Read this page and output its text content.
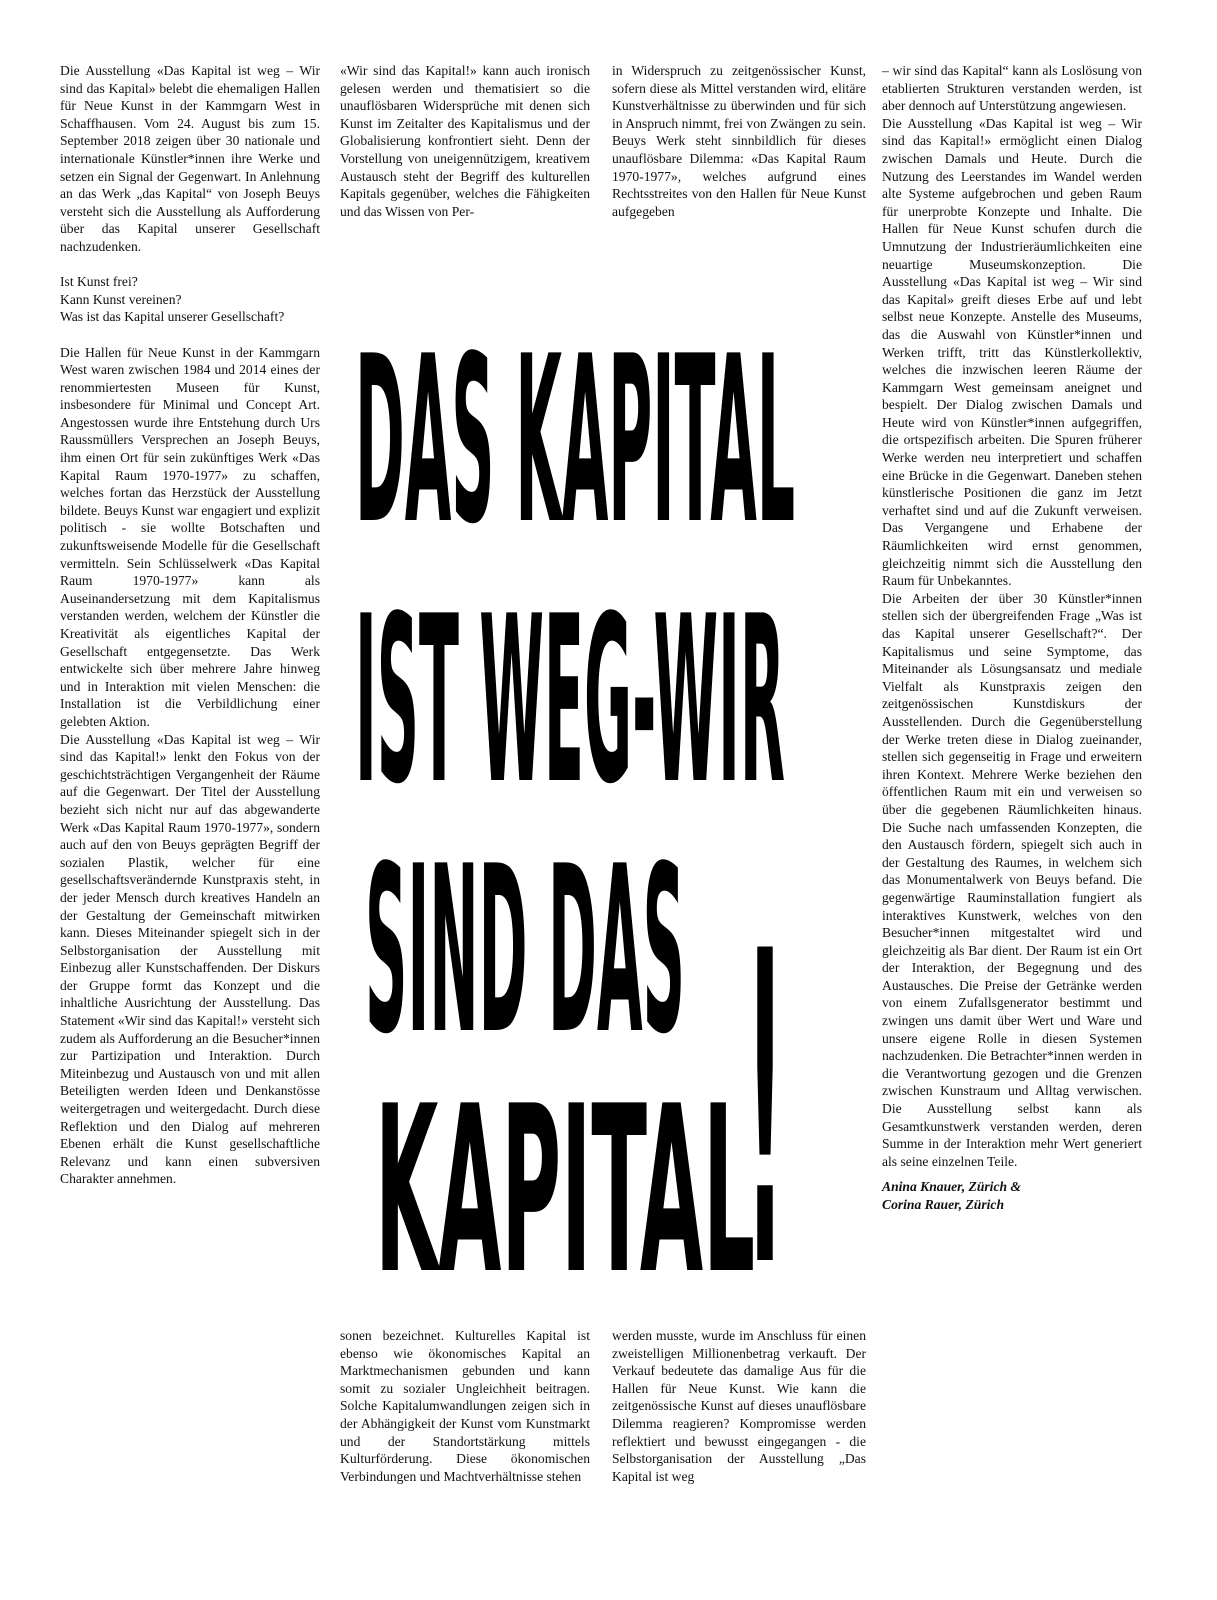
Die Ausstellung «Das Kapital ist weg – Wir sind das Kapital» belebt die ehemaligen Hallen für Neue Kunst in der Kammgarn West in Schaffhausen. Vom 24. August bis zum 15. September 2018 zeigen über 30 nationale und internationale Künstler*innen ihre Werke und setzen ein Signal der Gegenwart. In Anlehnung an das Werk „das Kapital“ von Joseph Beuys versteht sich die Ausstellung als Aufforderung über das Kapital unserer Gesellschaft nachzudenken.

Ist Kunst frei?

Kann Kunst vereinen?

Was ist das Kapital unserer Gesellschaft?

Die Hallen für Neue Kunst in der Kammgarn West waren zwischen 1984 und 2014 eines der renommiertesten Museen für Kunst, insbesondere für Minimal und Concept Art. Angestossen wurde ihre Entstehung durch Urs Raussmüllers Versprechen an Joseph Beuys, ihm einen Ort für sein zukünftiges Werk «Das Kapital Raum 1970-1977» zu schaffen, welches fortan das Herzstück der Ausstellung bildete. Beuys Kunst war engagiert und explizit politisch - sie wollte Botschaften und zukunftsweisende Modelle für die Gesellschaft vermitteln. Sein Schlüsselwerk «Das Kapital Raum 1970-1977» kann als Auseinandersetzung mit dem Kapitalismus verstanden werden, welchem der Künstler die Kreativität als eigentliches Kapital der Gesellschaft entgegensetzte. Das Werk entwickelte sich über mehrere Jahre hinweg und in Interaktion mit vielen Menschen: die Installation ist die Verbildlichung einer gelebten Aktion.

Die Ausstellung «Das Kapital ist weg – Wir sind das Kapital!» lenkt den Fokus von der geschichtsträchtigen Vergangenheit der Räume auf die Gegenwart. Der Titel der Ausstellung bezieht sich nicht nur auf das abgewanderte Werk «Das Kapital Raum 1970-1977», sondern auch auf den von Beuys geprägten Begriff der sozialen Plastik, welcher für eine gesellschaftsverändernde Kunstpraxis steht, in der jeder Mensch durch kreatives Handeln an der Gestaltung der Gemeinschaft mitwirken kann. Dieses Miteinander spiegelt sich in der Selbstorganisation der Ausstellung mit Einbezug aller Kunstschaffenden. Der Diskurs der Gruppe formt das Konzept und die inhaltliche Ausrichtung der Ausstellung. Das Statement «Wir sind das Kapital!» versteht sich zudem als Aufforderung an die Besucher*innen zur Partizipation und Interaktion. Durch Miteinbezug und Austausch von und mit allen Beteiligten werden Ideen und Denkanstösse weitergetragen und weitergedacht. Durch diese Reflektion und den Dialog auf mehreren Ebenen erhält die Kunst gesellschaftliche Relevanz und kann einen subversiven Charakter annehmen.

«Wir sind das Kapital!» kann auch ironisch gelesen werden und thematisiert so die unauflösbaren Widersprüche mit denen sich Kunst im Zeitalter des Kapitalismus und der Globalisierung konfrontiert sieht. Denn der Vorstellung von uneigennützigem, kreativem Austausch steht der Begriff des kulturellen Kapitals gegenüber, welches die Fähigkeiten und das Wissen von Per-

in Widerspruch zu zeitgenössischer Kunst, sofern diese als Mittel verstanden wird, elitäre Kunstverhältnisse zu überwinden und für sich in Anspruch nimmt, frei von Zwängen zu sein. Beuys Werk steht sinnbildlich für dieses unauflösbare Dilemma: «Das Kapital Raum 1970-1977», welches aufgrund eines Rechtsstreites von den Hallen für Neue Kunst aufgegeben

– wir sind das Kapital“ kann als Loslösung von etablierten Strukturen verstanden werden, ist aber dennoch auf Unterstützung angewiesen.

Die Ausstellung «Das Kapital ist weg – Wir sind das Kapital!» ermöglicht einen Dialog zwischen Damals und Heute. Durch die Nutzung des Leerstandes im Wandel werden alte Systeme aufgebrochen und geben Raum für unerprobte Konzepte und Inhalte. Die Hallen für Neue Kunst schufen durch die Umnutzung der Industrieräumlichkeiten eine neuartige Museumskonzeption. Die Ausstellung «Das Kapital ist weg – Wir sind das Kapital» greift dieses Erbe auf und lebt selbst neue Konzepte. Anstelle des Museums, das die Auswahl von Künstler*innen und Werken trifft, tritt das Künstlerkollektiv, welches die inzwischen leeren Räume der Kammgarn West gemeinsam aneignet und bespielt. Der Dialog zwischen Damals und Heute wird von Künstler*innen aufgegriffen, die ortspezifisch arbeiten. Die Spuren früherer Werke werden neu interpretiert und schaffen eine Brücke in die Gegenwart. Daneben stehen künstlerische Positionen die ganz im Jetzt verhaftet sind und auf die Zukunft verweisen. Das Vergangene und Erhabene der Räumlichkeiten wird ernst genommen, gleichzeitig nimmt sich die Ausstellung den Raum für Unbekanntes.

Die Arbeiten der über 30 Künstler*innen stellen sich der übergreifenden Frage „Was ist das Kapital unserer Gesellschaft?“. Der Kapitalismus und seine Symptome, das Miteinander als Lösungsansatz und mediale Vielfalt als Kunstpraxis zeigen den zeitgenössischen Kunstdiskurs der Ausstellenden. Durch die Gegenüberstellung der Werke treten diese in Dialog zueinander, stellen sich gegenseitig in Frage und erweitern ihren Kontext. Mehrere Werke beziehen den öffentlichen Raum mit ein und verweisen so über die gegebenen Räumlichkeiten hinaus. Die Suche nach umfassenden Konzepten, die den Austausch fördern, spiegelt sich auch in der Gestaltung des Raumes, in welchem sich das Monumentalwerk von Beuys befand. Die gegenwärtige Rauminstallation fungiert als interaktives Kunstwerk, welches von den Besucher*innen mitgestaltet wird und gleichzeitig als Bar dient. Der Raum ist ein Ort der Interaktion, der Begegnung und des Austausches. Die Preise der Getränke werden von einem Zufallsgenerator bestimmt und zwingen uns damit über Wert und Ware und unsere eigene Rolle in diesen Systemen nachzudenken. Die Betrachter*innen werden in die Verantwortung gezogen und die Grenzen zwischen Kunstraum und Alltag verwischen. Die Ausstellung selbst kann als Gesamtkunstwerk verstanden werden, deren Summe in der Interaktion mehr Wert generiert als seine einzelnen Teile.

Anina Knauer, Zürich &

Corina Rauer, Zürich

DAS KAPITAL
IST WEG-WIR
SIND DAS
KAPITAL
!

sonen bezeichnet. Kulturelles Kapital ist ebenso wie ökonomisches Kapital an Marktmechanismen gebunden und kann somit zu sozialer Ungleichheit beitragen. Solche Kapitalumwandlungen zeigen sich in der Abhängigkeit der Kunst vom Kunstmarkt und der Standortstärkung mittels Kulturförderung. Diese ökonomischen Verbindungen und Machtverhältnisse stehen

werden musste, wurde im Anschluss für einen zweistelligen Millionenbetrag verkauft. Der Verkauf bedeutete das damalige Aus für die Hallen für Neue Kunst. Wie kann die zeitgenössische Kunst auf dieses unauflösbare Dilemma reagieren? Kompromisse werden reflektiert und bewusst eingegangen - die Selbstorganisation der Ausstellung „Das Kapital ist weg
